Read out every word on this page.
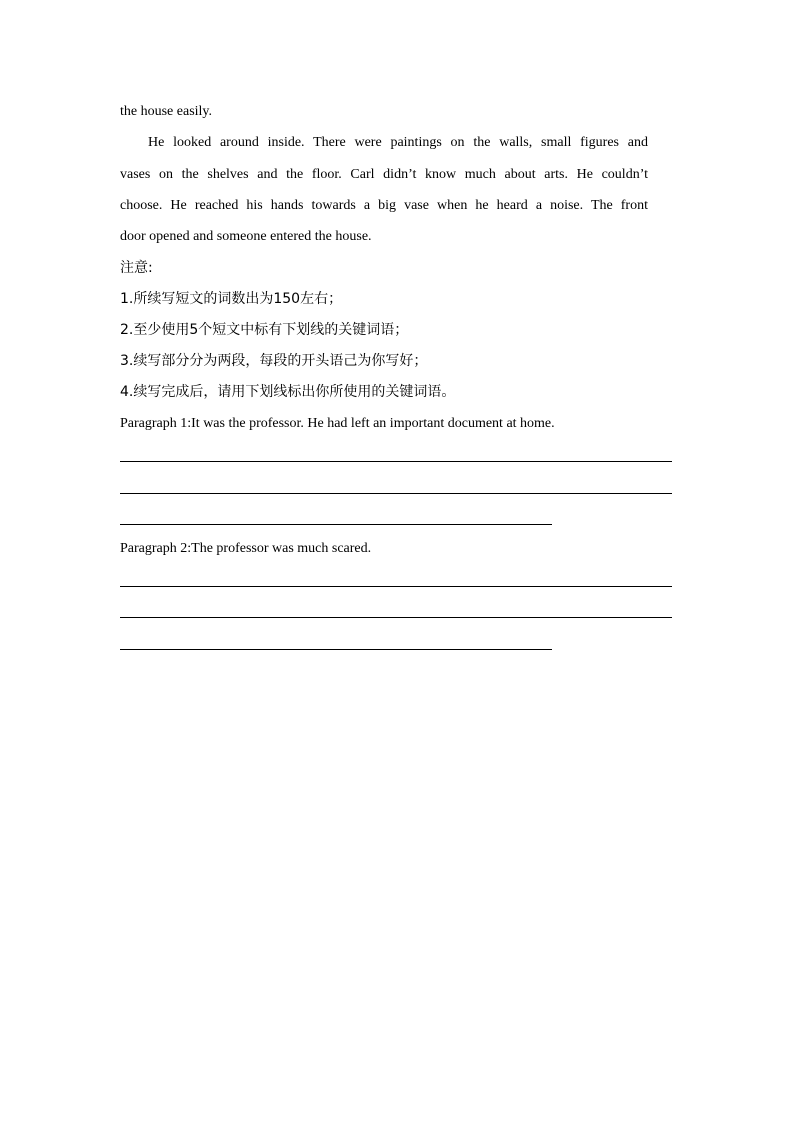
the house easily.
He looked around inside. There were paintings on the walls, small figures and
vases on the shelves and the floor. Carl didn’t know much about arts. He couldn’t
choose. He reached his hands towards a big vase when he heard a noise. The front
door opened and someone entered the house.
注意:
1.所续写短文的词数出为150左右；
2.至少使用5个短文中标有下划线的关键词语；
3.续写部分分为两段，每段的开头语己为你写好；
4.续写完成后，请用下划线标出你所使用的关键词语。
Paragraph 1:It was the professor. He had left an important document at home.
Paragraph 2:The professor was much scared.
